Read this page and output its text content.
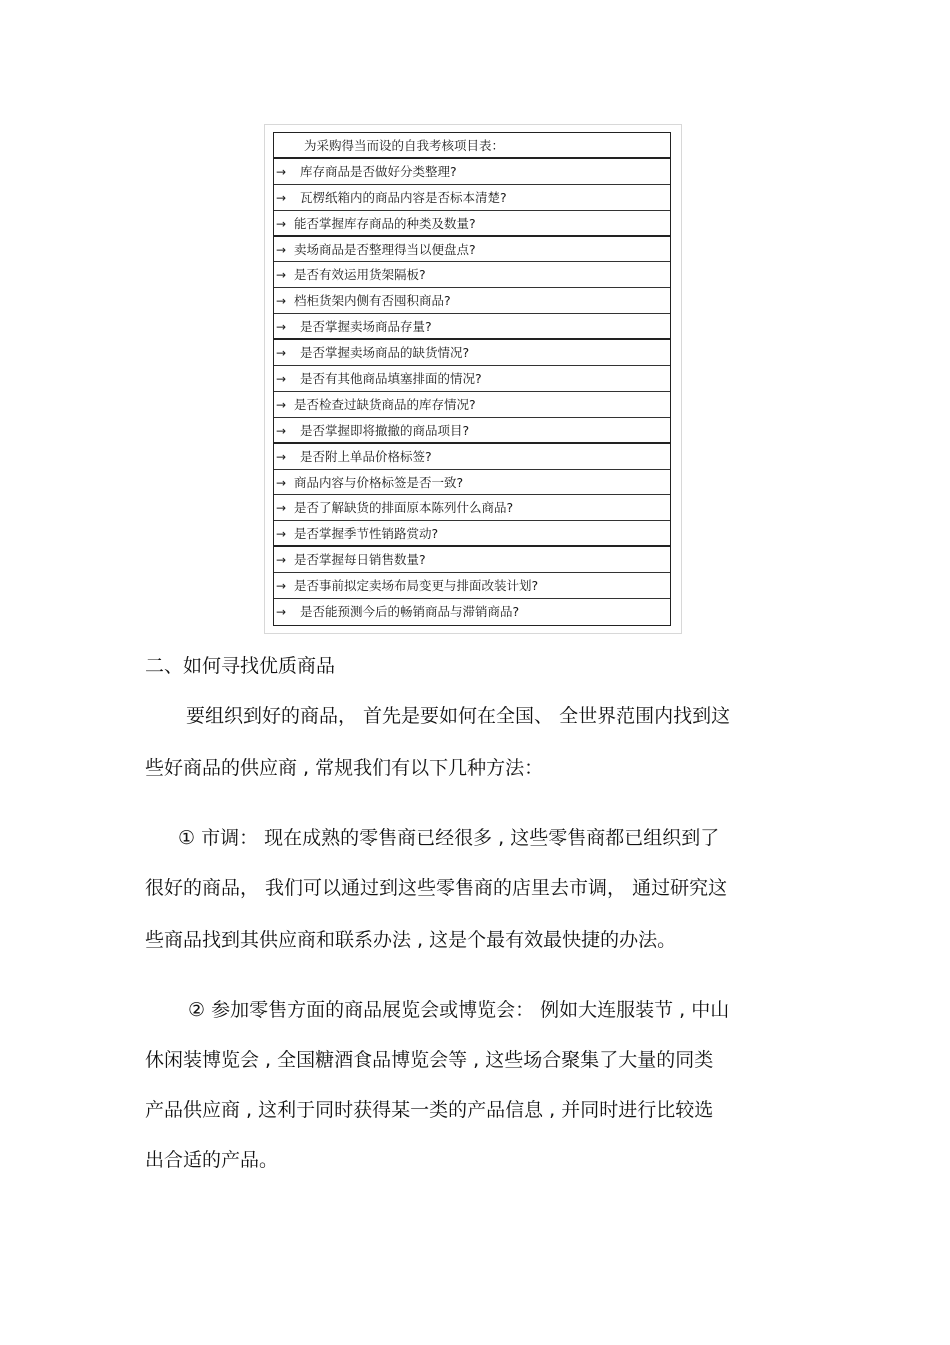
为采购得当而设的自我考核项目表：
→ 库存商品是否做好分类整理?
→ 瓦楞纸箱内的商品内容是否标本清楚?
→ 能否掌握库存商品的种类及数量?
→ 卖场商品是否整理得当以便盘点?
→ 是否有效运用货架隔板?
→ 档柜货架内侧有否囤积商品?
→ 是否掌握卖场商品存量?
→ 是否掌握卖场商品的缺货情况?
→ 是否有其他商品填塞排面的情况?
→ 是否检查过缺货商品的库存情况?
→ 是否掌握即将撤撤的商品项目?
→ 是否附上单品价格标签?
→ 商品内容与价格标签是否一致?
→ 是否了解缺货的排面原本陈列什么商品?
→ 是否掌握季节性销路赏动?
→ 是否掌握每日销售数量?
→ 是否事前拟定卖场布局变更与排面改装计划?
→ 是否能预测今后的畅销商品与滞销商品?
二、如何寻找优质商品
要组织到好的商品， 首先是要如何在全国、 全世界范围内找到这
些好商品的供应商 , 常规我们有以下几种方法：
① 市调： 现在成熟的零售商已经很多 , 这些零售商都已组织到了
很好的商品， 我们可以通过到这些零售商的店里去市调， 通过研究这
些商品找到其供应商和联系办法 , 这是个最有效最快捷的办法。
② 参加零售方面的商品展览会或博览会： 例如大连服装节 , 中山
休闲装博览会 , 全国糖酒食品博览会等 , 这些场合聚集了大量的同类
产品供应商 , 这利于同时获得某一类的产品信息 , 并同时进行比较选
出合适的产品。
